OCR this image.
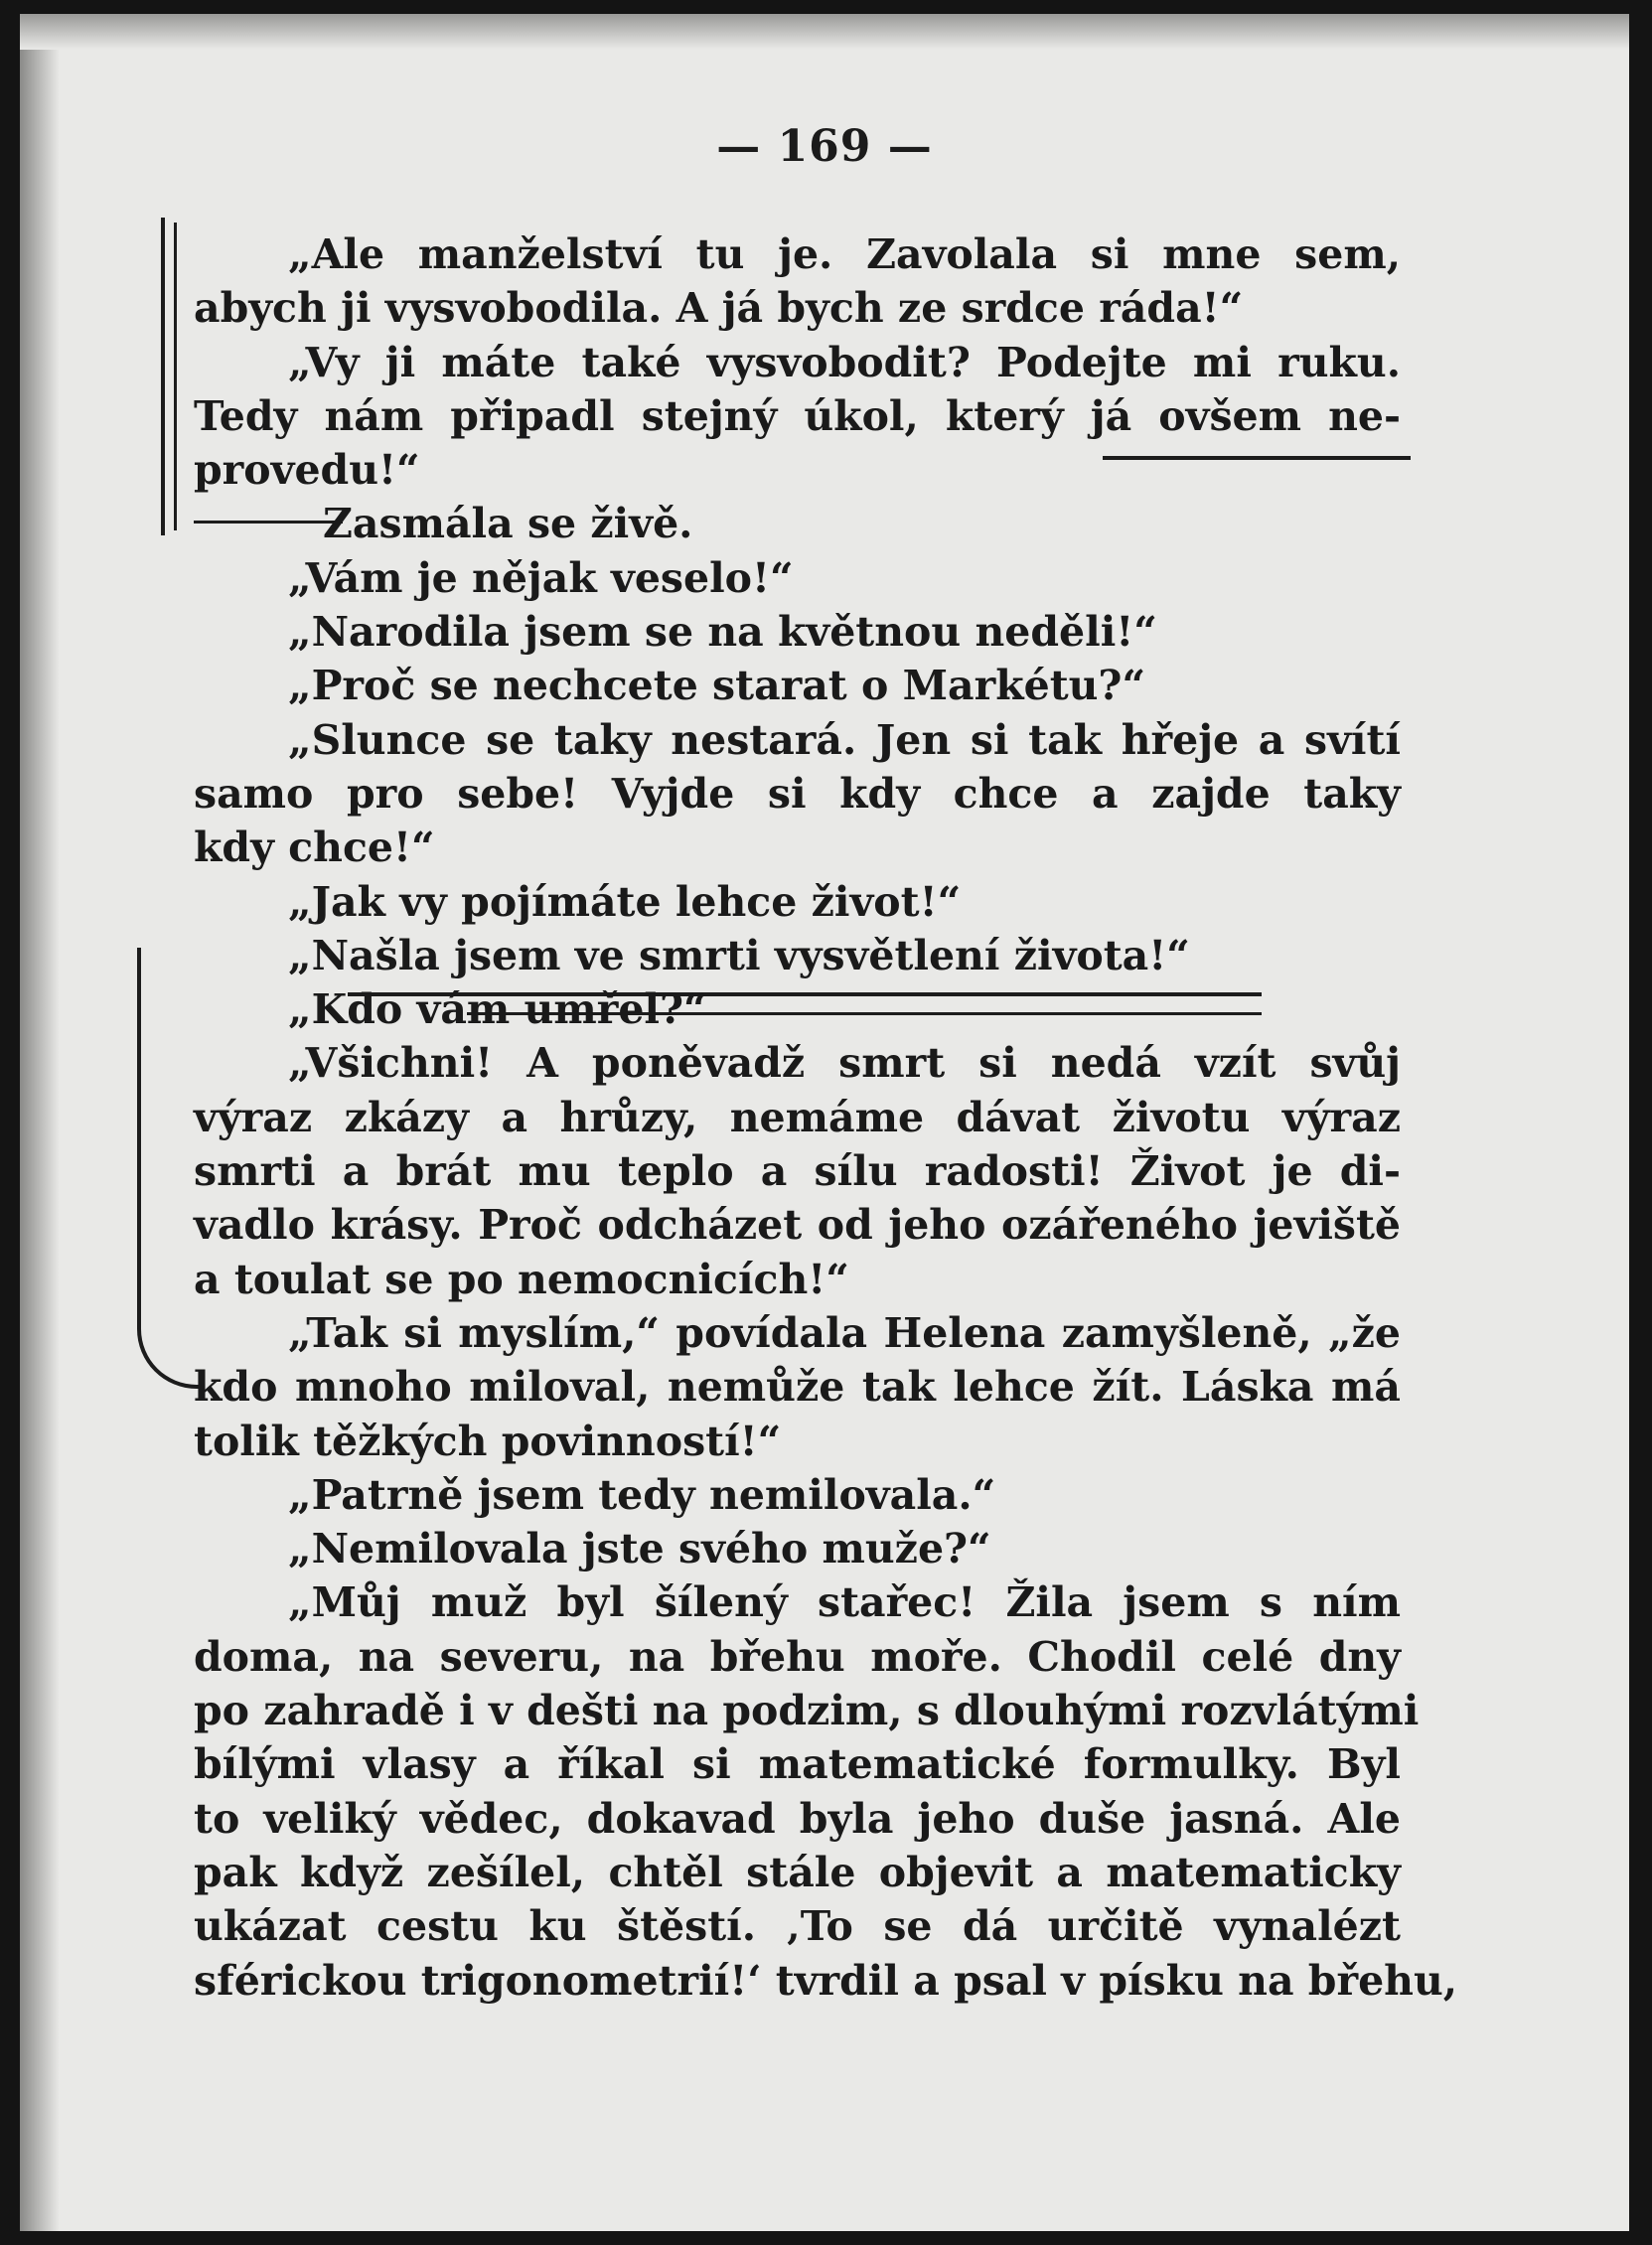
— 169 —
„Ale manželství tu je. Zavolala si mne sem,
abych ji vysvobodila. A já bych ze srdce ráda!“
„Vy ji máte také vysvobodit? Podejte mi ruku.
Tedy nám připadl stejný úkol, který já ovšem ne-
provedu!“
Zasmála se živě.
„Vám je nějak veselo!“
„Narodila jsem se na květnou neděli!“
„Proč se nechcete starat o Markétu?“
„Slunce se taky nestará. Jen si tak hřeje a svítí
samo pro sebe! Vyjde si kdy chce a zajde taky
kdy chce!“
„Jak vy pojímáte lehce život!“
„Našla jsem ve smrti vysvětlení života!“
„Kdo vám umřel?“
„Všichni! A poněvadž smrt si nedá vzít svůj
výraz zkázy a hrůzy, nemáme dávat životu výraz
smrti a brát mu teplo a sílu radosti! Život je di-
vadlo krásy. Proč odcházet od jeho ozářeného jeviště
a toulat se po nemocnicích!“
„Tak si myslím,“ povídala Helena zamyšleně, „že
kdo mnoho miloval, nemůže tak lehce žít. Láska má
tolik těžkých povinností!“
„Patrně jsem tedy nemilovala.“
„Nemilovala jste svého muže?“
„Můj muž byl šílený stařec! Žila jsem s ním
doma, na severu, na břehu moře. Chodil celé dny
po zahradě i v dešti na podzim, s dlouhými rozvlátými
bílými vlasy a říkal si matematické formulky. Byl
to veliký vědec, dokavad byla jeho duše jasná. Ale
pak když zešílel, chtěl stále objevit a matematicky
ukázat cestu ku štěstí. ‚To se dá určitě vynalézt
sférickou trigonometrií!‘ tvrdil a psal v písku na břehu,
